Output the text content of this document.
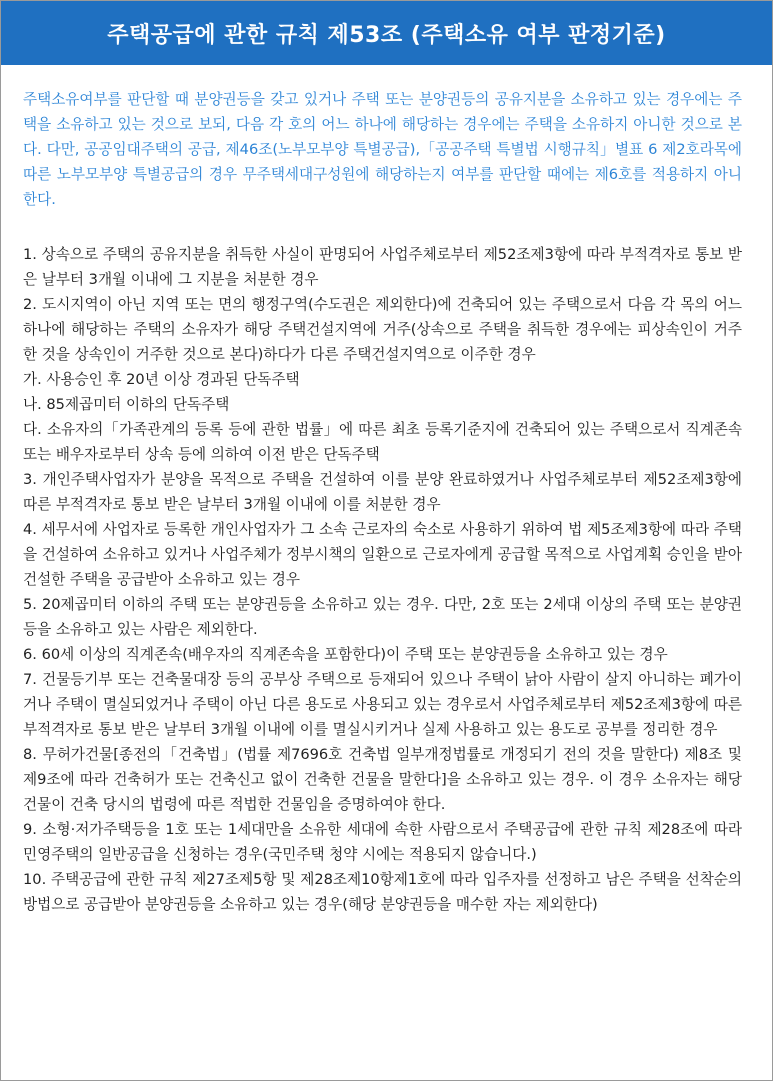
주택공급에 관한 규칙 제53조 (주택소유 여부 판정기준)

주택소유여부를 판단할 때 분양권등을 갖고 있거나 주택 또는 분양권등의 공유지분을 소유하고 있는 경우에는 주택을 소유하고 있는 것으로 보되, 다음 각 호의 어느 하나에 해당하는 경우에는 주택을 소유하지 아니한 것으로 본다. 다만, 공공임대주택의 공급, 제46조(노부모부양 특별공급),「공공주택 특별법 시행규칙」별표 6 제2호라목에 따른 노부모부양 특별공급의 경우 무주택세대구성원에 해당하는지 여부를 판단할 때에는 제6호를 적용하지 아니한다.

1. 상속으로 주택의 공유지분을 취득한 사실이 판명되어 사업주체로부터 제52조제3항에 따라 부적격자로 통보 받은 날부터 3개월 이내에 그 지분을 처분한 경우
2. 도시지역이 아닌 지역 또는 면의 행정구역(수도권은 제외한다)에 건축되어 있는 주택으로서 다음 각 목의 어느 하나에 해당하는 주택의 소유자가 해당 주택건설지역에 거주(상속으로 주택을 취득한 경우에는 피상속인이 거주한 것을 상속인이 거주한 것으로 본다)하다가 다른 주택건설지역으로 이주한 경우
가. 사용승인 후 20년 이상 경과된 단독주택
나. 85제곱미터 이하의 단독주택
다. 소유자의「가족관계의 등록 등에 관한 법률」에 따른 최초 등록기준지에 건축되어 있는 주택으로서 직계존속 또는 배우자로부터 상속 등에 의하여 이전 받은 단독주택
3. 개인주택사업자가 분양을 목적으로 주택을 건설하여 이를 분양 완료하였거나 사업주체로부터 제52조제3항에 따른 부적격자로 통보 받은 날부터 3개월 이내에 이를 처분한 경우
4. 세무서에 사업자로 등록한 개인사업자가 그 소속 근로자의 숙소로 사용하기 위하여 법 제5조제3항에 따라 주택을 건설하여 소유하고 있거나 사업주체가 정부시책의 일환으로 근로자에게 공급할 목적으로 사업계획 승인을 받아 건설한 주택을 공급받아 소유하고 있는 경우
5. 20제곱미터 이하의 주택 또는 분양권등을 소유하고 있는 경우. 다만, 2호 또는 2세대 이상의 주택 또는 분양권등을 소유하고 있는 사람은 제외한다.
6. 60세 이상의 직계존속(배우자의 직계존속을 포함한다)이 주택 또는 분양권등을 소유하고 있는 경우
7. 건물등기부 또는 건축물대장 등의 공부상 주택으로 등재되어 있으나 주택이 낡아 사람이 살지 아니하는 폐가이거나 주택이 멸실되었거나 주택이 아닌 다른 용도로 사용되고 있는 경우로서 사업주체로부터 제52조제3항에 따른 부적격자로 통보 받은 날부터 3개월 이내에 이를 멸실시키거나 실제 사용하고 있는 용도로 공부를 정리한 경우
8. 무허가건물[종전의「건축법」(법률 제7696호 건축법 일부개정법률로 개정되기 전의 것을 말한다) 제8조 및 제9조에 따라 건축허가 또는 건축신고 없이 건축한 건물을 말한다]을 소유하고 있는 경우. 이 경우 소유자는 해당 건물이 건축 당시의 법령에 따른 적법한 건물임을 증명하여야 한다.
9. 소형·저가주택등을 1호 또는 1세대만을 소유한 세대에 속한 사람으로서 주택공급에 관한 규칙 제28조에 따라 민영주택의 일반공급을 신청하는 경우(국민주택 청약 시에는 적용되지 않습니다.)
10. 주택공급에 관한 규칙 제27조제5항 및 제28조제10항제1호에 따라 입주자를 선정하고 남은 주택을 선착순의 방법으로 공급받아 분양권등을 소유하고 있는 경우(해당 분양권등을 매수한 자는 제외한다)
